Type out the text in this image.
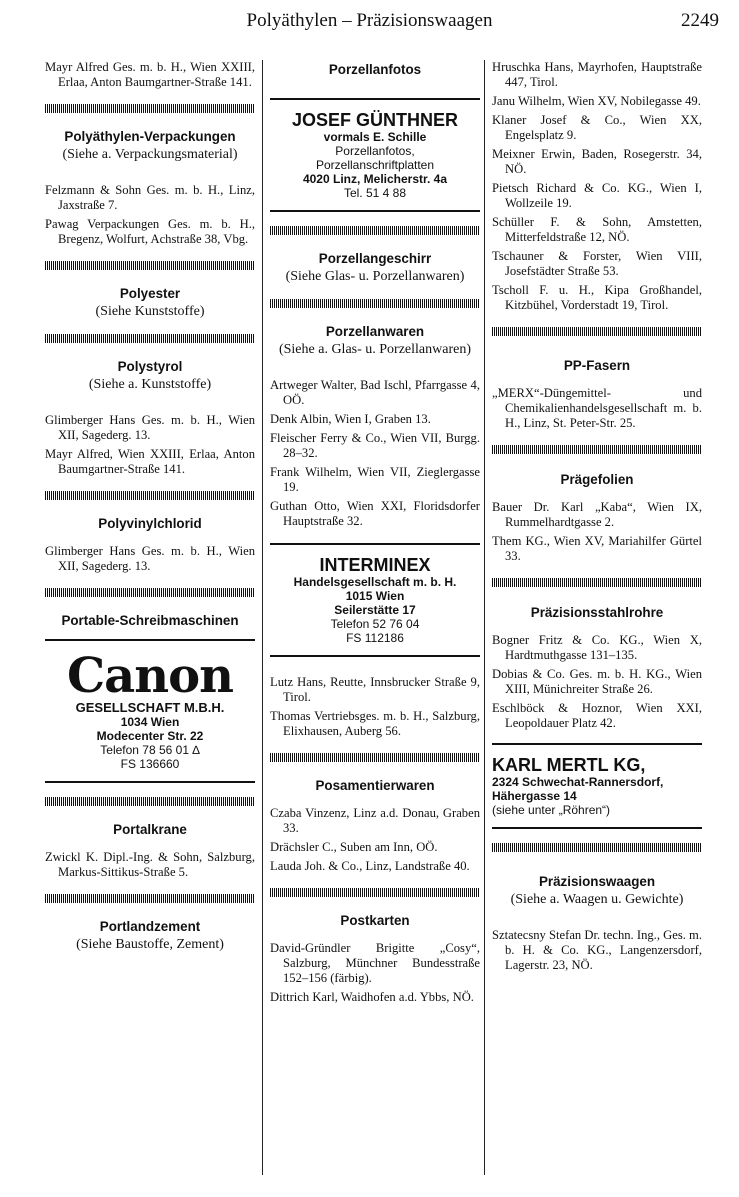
Polyäthylen – Präzisionswaagen	2249

Mayr Alfred Ges. m. b. H., Wien XXIII, Erlaa, Anton Baumgartner-Straße 141.

Polyäthylen-Verpackungen
(Siehe a. Verpackungsmaterial)

Felzmann & Sohn Ges. m. b. H., Linz, Jaxstraße 7.

Pawag Verpackungen Ges. m. b. H., Bregenz, Wolfurt, Achstraße 38, Vbg.

Polyester
(Siehe Kunststoffe)
Polystyrol
(Siehe a. Kunststoffe)

Glimberger Hans Ges. m. b. H., Wien XII, Sagederg. 13.

Mayr Alfred, Wien XXIII, Erlaa, Anton Baumgartner-Straße 141.

Polyvinylchlorid

Glimberger Hans Ges. m. b. H., Wien XII, Sagederg. 13.

Portable-Schreibmaschinen
Canon
GESELLSCHAFT M.B.H.
1034 Wien
Modecenter Str. 22
Telefon 78 56 01 ∆
FS 136660
Portalkrane

Zwickl K. Dipl.-Ing. & Sohn, Salzburg, Markus-Sittikus-Straße 5.

Portlandzement
(Siehe Baustoffe, Zement)
Porzellanfotos
JOSEF GÜNTHNER
vormals E. Schille
Porzellanfotos,
Porzellanschriftplatten
4020 Linz, Melicherstr. 4a
Tel. 51 4 88
Porzellangeschirr
(Siehe Glas- u. Porzellanwaren)
Porzellanwaren
(Siehe a. Glas- u. Porzellanwaren)

Artweger Walter, Bad Ischl, Pfarrgasse 4, OÖ.

Denk Albin, Wien I, Graben 13.

Fleischer Ferry & Co., Wien VII, Burgg. 28–32.

Frank Wilhelm, Wien VII, Zieglergasse 19.

Guthan Otto, Wien XXI, Floridsdorfer Hauptstraße 32.

INTERMINEX
Handelsgesellschaft m. b. H.
1015 Wien
Seilerstätte 17
Telefon 52 76 04
FS 112186

Lutz Hans, Reutte, Innsbrucker Straße 9, Tirol.

Thomas Vertriebsges. m. b. H., Salzburg, Elixhausen, Auberg 56.

Posamentierwaren

Czaba Vinzenz, Linz a.d. Donau, Graben 33.

Drächsler C., Suben am Inn, OÖ.

Lauda Joh. & Co., Linz, Landstraße 40.

Postkarten

David-Gründler Brigitte „Cosy“, Salzburg, Münchner Bundesstraße 152–156 (färbig).

Dittrich Karl, Waidhofen a.d. Ybbs, NÖ.

Hruschka Hans, Mayrhofen, Hauptstraße 447, Tirol.

Janu Wilhelm, Wien XV, Nobilegasse 49.

Klaner Josef & Co., Wien XX, Engelsplatz 9.

Meixner Erwin, Baden, Rosegerstr. 34, NÖ.

Pietsch Richard & Co. KG., Wien I, Wollzeile 19.

Schüller F. & Sohn, Amstetten, Mitterfeldstraße 12, NÖ.

Tschauner & Forster, Wien VIII, Josefstädter Straße 53.

Tscholl F. u. H., Kipa Großhandel, Kitzbühel, Vorderstadt 19, Tirol.

PP-Fasern

„MERX“-Düngemittel- und Chemikalienhandelsgesellschaft m. b. H., Linz, St. Peter-Str. 25.

Prägefolien

Bauer Dr. Karl „Kaba“, Wien IX, Rummelhardtgasse 2.

Them KG., Wien XV, Mariahilfer Gürtel 33.

Präzisionsstahlrohre

Bogner Fritz & Co. KG., Wien X, Hardtmuthgasse 131–135.

Dobias & Co. Ges. m. b. H. KG., Wien XIII, Münichreiter Straße 26.

Eschlböck & Hoznor, Wien XXI, Leopoldauer Platz 42.

KARL MERTL KG,
2324 Schwechat-Rannersdorf,
Hähergasse 14
(siehe unter „Röhren“)
Präzisionswaagen
(Siehe a. Waagen u. Gewichte)

Sztatecsny Stefan Dr. techn. Ing., Ges. m. b. H. & Co. KG., Langenzersdorf, Lagerstr. 23, NÖ.
